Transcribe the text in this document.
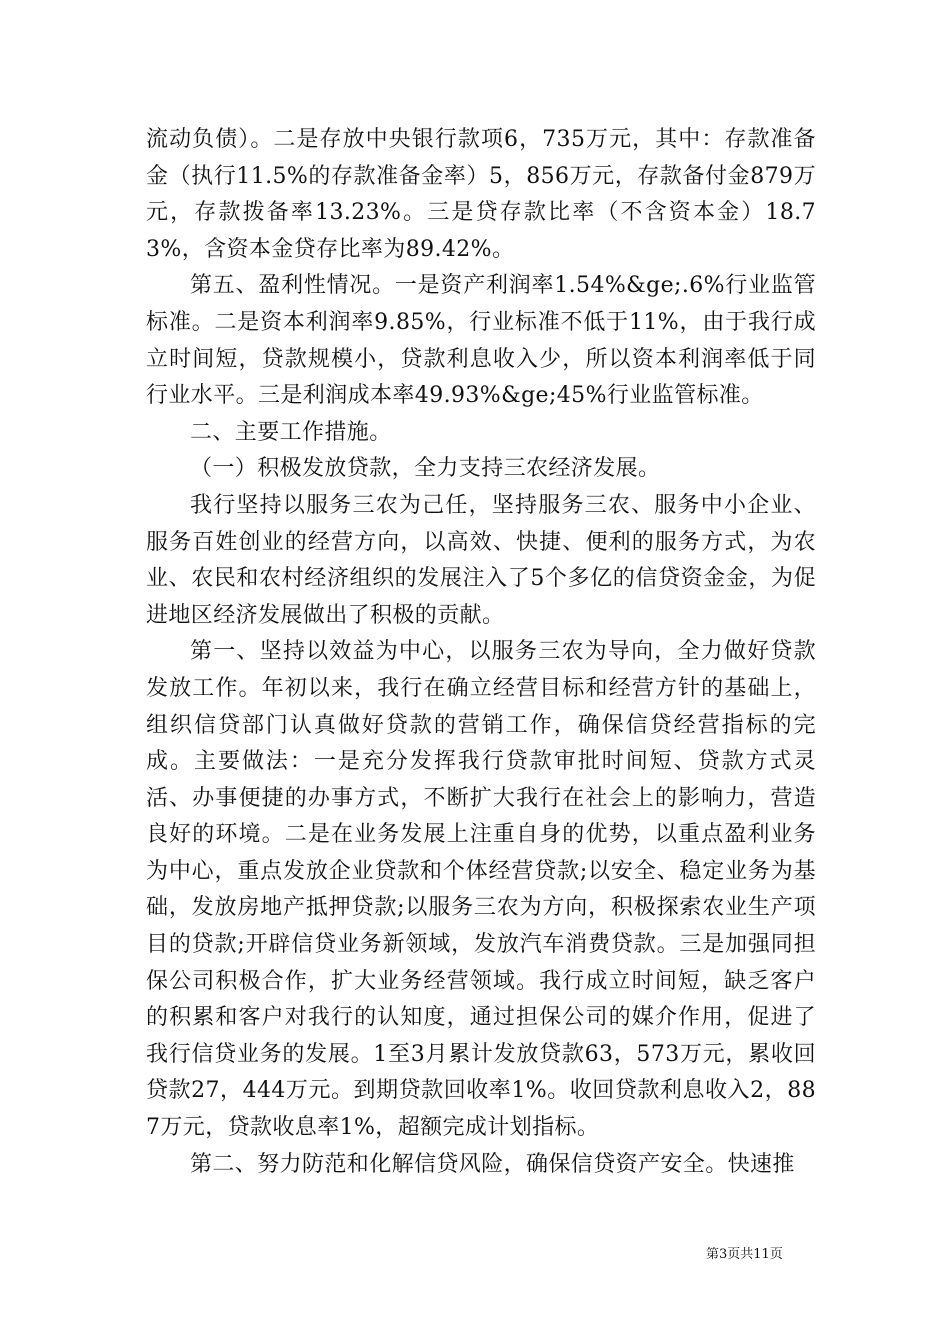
流动负债）。二是存放中央银行款项6，735万元，其中：存款准备金（执行11.5%的存款准备金率）5，856万元，存款备付金879万元，存款拨备率13.23%。三是贷存款比率（不含资本金）18.73%，含资本金贷存比率为89.42%。

第五、盈利性情况。一是资产利润率1.54%&ge;.6%行业监管标准。二是资本利润率9.85%，行业标准不低于11%，由于我行成立时间短，贷款规模小，贷款利息收入少，所以资本利润率低于同行业水平。三是利润成本率49.93%&ge;45%行业监管标准。

二、主要工作措施。

（一）积极发放贷款，全力支持三农经济发展。

我行坚持以服务三农为己任，坚持服务三农、服务中小企业、服务百姓创业的经营方向，以高效、快捷、便利的服务方式，为农业、农民和农村经济组织的发展注入了5个多亿的信贷资金金，为促进地区经济发展做出了积极的贡献。

第一、坚持以效益为中心，以服务三农为导向，全力做好贷款发放工作。年初以来，我行在确立经营目标和经营方针的基础上，组织信贷部门认真做好贷款的营销工作，确保信贷经营指标的完成。主要做法：一是充分发挥我行贷款审批时间短、贷款方式灵活、办事便捷的办事方式，不断扩大我行在社会上的影响力，营造良好的环境。二是在业务发展上注重自身的优势，以重点盈利业务为中心，重点发放企业贷款和个体经营贷款;以安全、稳定业务为基础，发放房地产抵押贷款;以服务三农为方向，积极探索农业生产项目的贷款;开辟信贷业务新领域，发放汽车消费贷款。三是加强同担保公司积极合作，扩大业务经营领域。我行成立时间短，缺乏客户的积累和客户对我行的认知度，通过担保公司的媒介作用，促进了我行信贷业务的发展。1至3月累计发放贷款63，573万元，累收回贷款27，444万元。到期贷款回收率1%。收回贷款利息收入2，887万元，贷款收息率1%，超额完成计划指标。

第二、努力防范和化解信贷风险，确保信贷资产安全。快速推

第3页共11页
